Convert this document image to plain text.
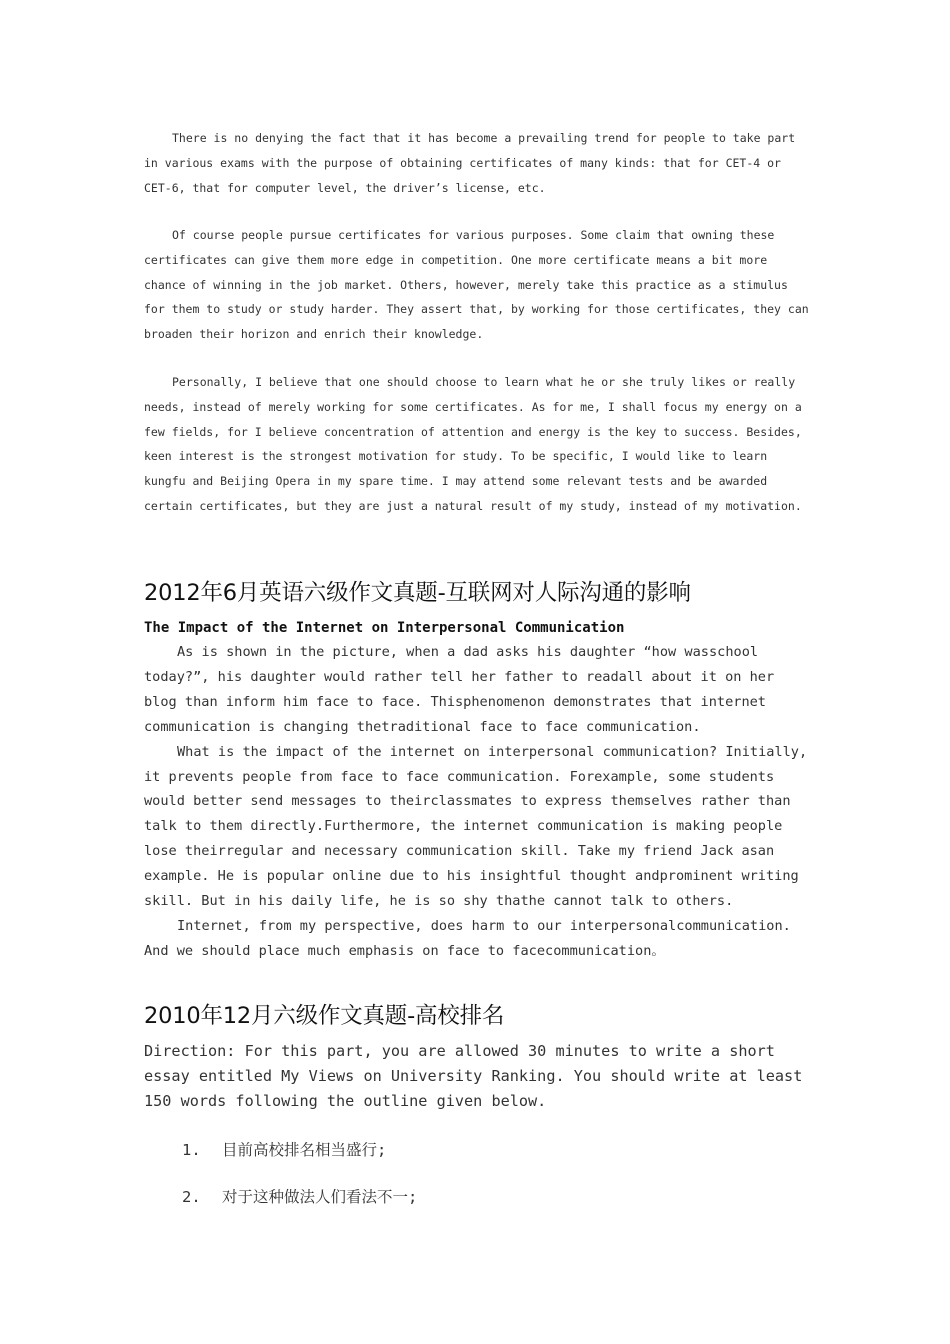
There is no denying the fact that it has become a prevailing trend for people to take part in various exams with the purpose of obtaining certificates of many kinds: that for CET-4 or CET-6, that for computer level, the driver’s license, etc.

Of course people pursue certificates for various purposes. Some claim that owning these certificates can give them more edge in competition. One more certificate means a bit more chance of winning in the job market. Others, however, merely take this practice as a stimulus for them to study or study harder. They assert that, by working for those certificates, they can broaden their horizon and enrich their knowledge.

Personally, I believe that one should choose to learn what he or she truly likes or really needs, instead of merely working for some certificates. As for me, I shall focus my energy on a few fields, for I believe concentration of attention and energy is the key to success. Besides, keen interest is the strongest motivation for study. To be specific, I would like to learn kungfu and Beijing Opera in my spare time. I may attend some relevant tests and be awarded certain certificates, but they are just a natural result of my study, instead of my motivation.

2012年6月英语六级作文真题-互联网对人际沟通的影响

The Impact of the Internet on Interpersonal Communication

As is shown in the picture, when a dad asks his daughter “how wasschool today?”, his daughter would rather tell her father to readall about it on her blog than inform him face to face. Thisphenomenon demonstrates that internet communication is changing thetraditional face to face communication.

What is the impact of the internet on interpersonal communication? Initially, it prevents people from face to face communication. Forexample, some students would better send messages to theirclassmates to express themselves rather than talk to them directly.Furthermore, the internet communication is making people lose theirregular and necessary communication skill. Take my friend Jack asan example. He is popular online due to his insightful thought andprominent writing skill. But in his daily life, he is so shy thathe cannot talk to others.

Internet, from my perspective, does harm to our interpersonalcommunication. And we should place much emphasis on face to facecommunication。

2010年12月六级作文真题-高校排名

Direction: For this part, you are allowed 30 minutes to write a short essay entitled My Views on University Ranking. You should write at least 150 words following the outline given below.

1. 目前高校排名相当盛行;
2. 对于这种做法人们看法不一;
